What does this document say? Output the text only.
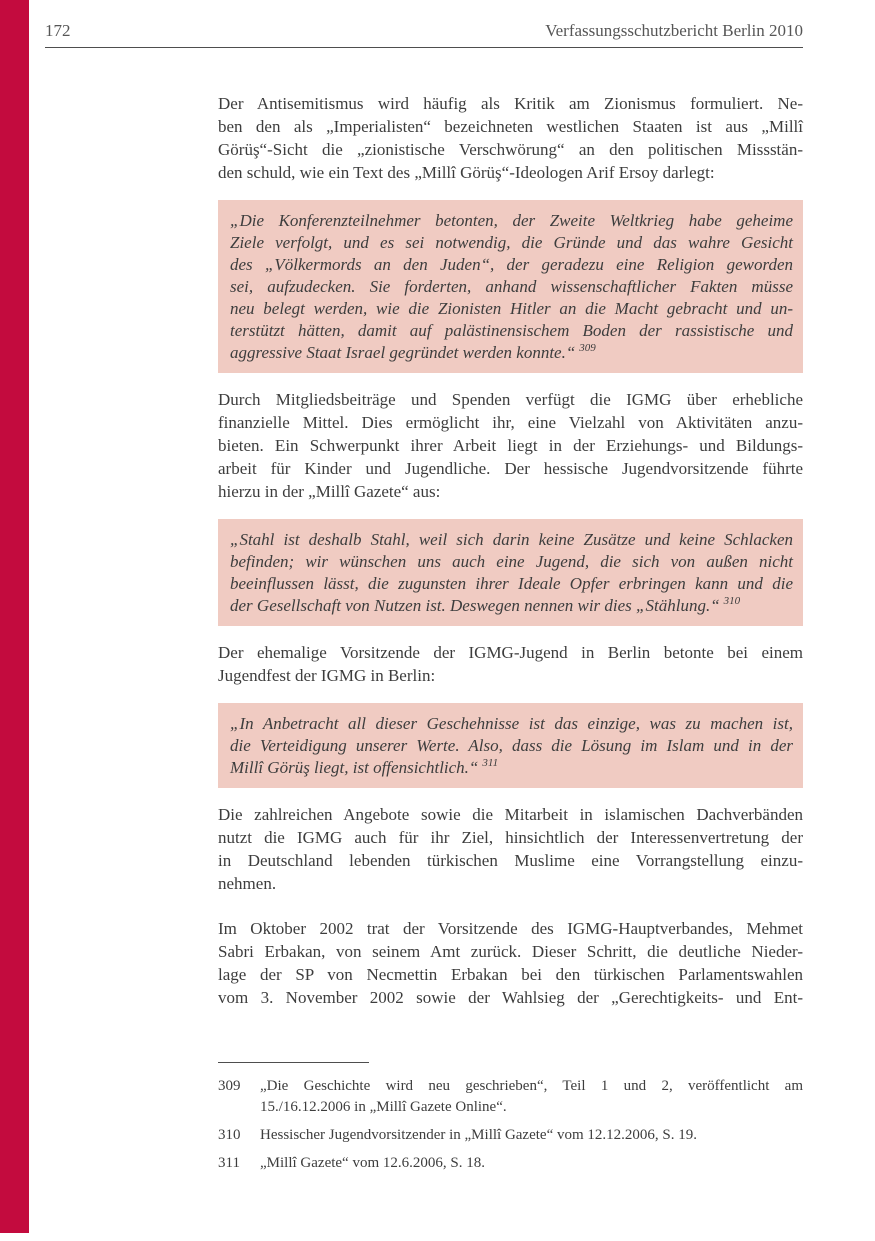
172	Verfassungsschutzbericht Berlin 2010
Der Antisemitismus wird häufig als Kritik am Zionismus formuliert. Ne-
ben den als „Imperialisten“ bezeichneten westlichen Staaten ist aus „Millî
Görüş“-Sicht die „zionistische Verschwörung“ an den politischen Missstän-
den schuld, wie ein Text des „Millî Görüş“-Ideologen Arif Ersoy darlegt:
„Die Konferenzteilnehmer betonten, der Zweite Weltkrieg habe geheime
Ziele verfolgt, und es sei notwendig, die Gründe und das wahre Gesicht
des „Völkermords an den Juden“, der geradezu eine Religion geworden
sei, aufzudecken. Sie forderten, anhand wissenschaftlicher Fakten müsse
neu belegt werden, wie die Zionisten Hitler an die Macht gebracht und un-
terstützt hätten, damit auf palästinensischem Boden der rassistische und
aggressive Staat Israel gegründet werden konnte.“ $^{309}$
Durch Mitgliedsbeiträge und Spenden verfügt die IGMG über erhebliche
finanzielle Mittel. Dies ermöglicht ihr, eine Vielzahl von Aktivitäten anzu-
bieten. Ein Schwerpunkt ihrer Arbeit liegt in der Erziehungs- und Bildungs-
arbeit für Kinder und Jugendliche. Der hessische Jugendvorsitzende führte
hierzu in der „Millî Gazete“ aus:
„Stahl ist deshalb Stahl, weil sich darin keine Zusätze und keine Schlacken
befinden; wir wünschen uns auch eine Jugend, die sich von außen nicht
beeinflussen lässt, die zugunsten ihrer Ideale Opfer erbringen kann und die
der Gesellschaft von Nutzen ist. Deswegen nennen wir dies „Stählung.“ $^{310}$
Der ehemalige Vorsitzende der IGMG-Jugend in Berlin betonte bei einem
Jugendfest der IGMG in Berlin:
„In Anbetracht all dieser Geschehnisse ist das einzige, was zu machen ist,
die Verteidigung unserer Werte. Also, dass die Lösung im Islam und in der
Millî Görüş liegt, ist offensichtlich.“ $^{311}$
Die zahlreichen Angebote sowie die Mitarbeit in islamischen Dachverbänden
nutzt die IGMG auch für ihr Ziel, hinsichtlich der Interessenvertretung der
in Deutschland lebenden türkischen Muslime eine Vorrangstellung einzu-
nehmen.
Im Oktober 2002 trat der Vorsitzende des IGMG-Hauptverbandes, Mehmet
Sabri Erbakan, von seinem Amt zurück. Dieser Schritt, die deutliche Nieder-
lage der SP von Necmettin Erbakan bei den türkischen Parlamentswahlen
vom 3. November 2002 sowie der Wahlsieg der „Gerechtigkeits- und Ent-
309	„Die Geschichte wird neu geschrieben“, Teil 1 und 2, veröffentlicht am
15./16.12.2006 in „Millî Gazete Online“.
310	Hessischer Jugendvorsitzender in „Millî Gazete“ vom 12.12.2006, S. 19.
311	„Millî Gazete“ vom 12.6.2006, S. 18.
